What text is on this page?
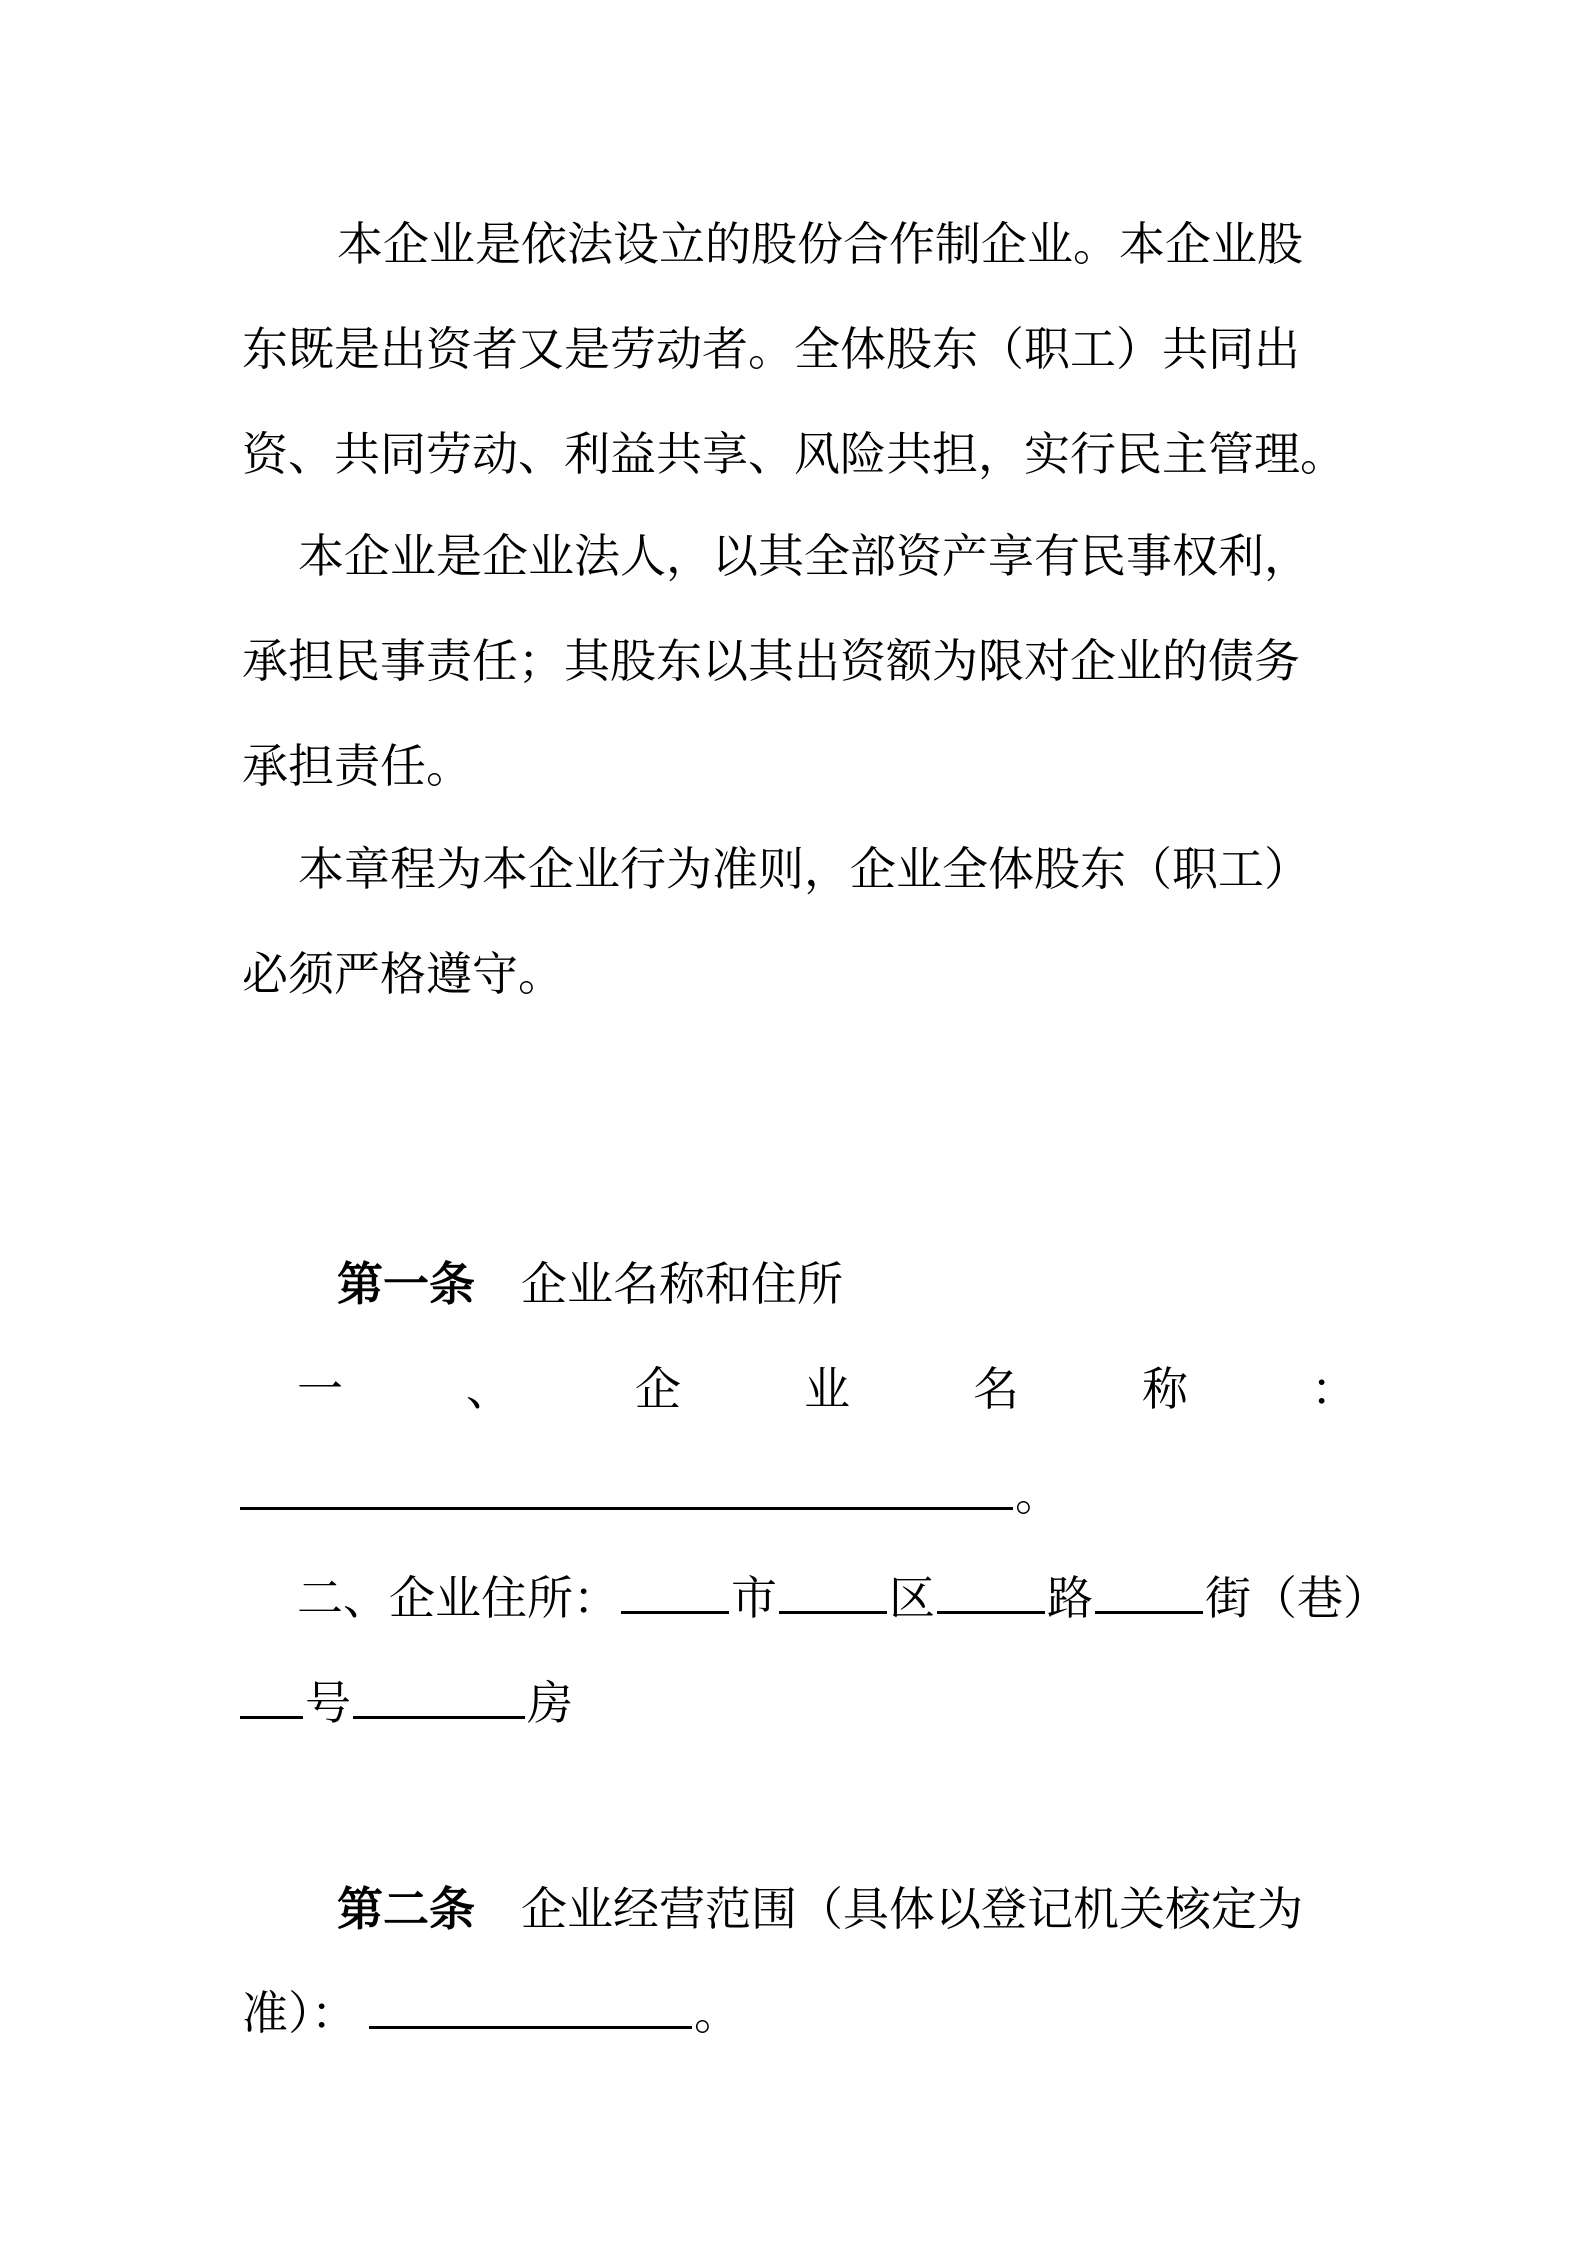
本企业是依法设立的股份合作制企业。本企业股
东既是出资者又是劳动者。全体股东（职工）共同出
资、共同劳动、利益共享、风险共担，实行民主管理。
本企业是企业法人，以其全部资产享有民事权利，
承担民事责任；其股东以其出资额为限对企业的债务
承担责任。
本章程为本企业行为准则，企业全体股东（职工）
必须严格遵守。
第一条 企业名称和住所
一	、	企	业	名	称	：
。
二、企业住所： 市 区 路 街（巷）
号	房
第二条 企业经营范围（具体以登记机关核定为
准）：	。
